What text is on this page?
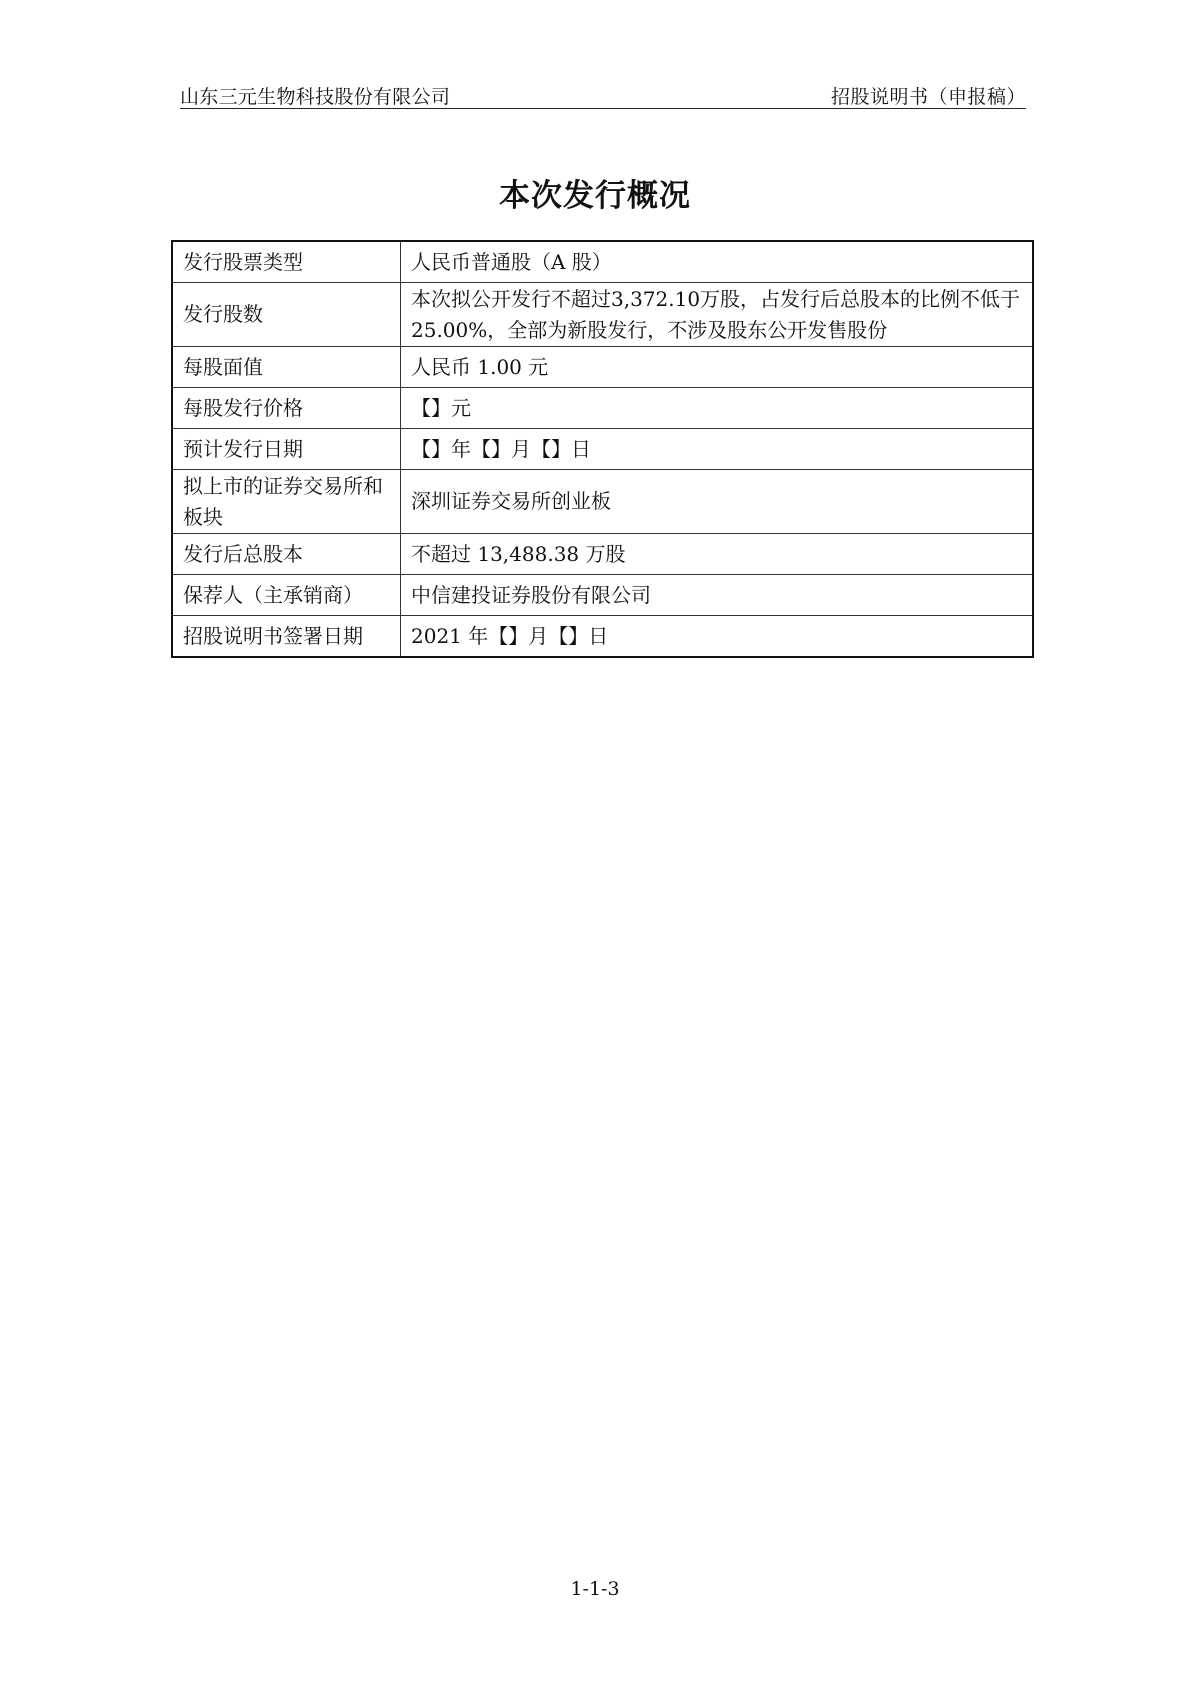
山东三元生物科技股份有限公司	招股说明书（申报稿）
本次发行概况
发行股票类型	人民币普通股（A 股）
发行股数	本次拟公开发行不超过3,372.10万股，占发行后总股本的比例不低于25.00%，全部为新股发行，不涉及股东公开发售股份
每股面值	人民币 1.00 元
每股发行价格	【】元
预计发行日期	【】年【】月【】日
拟上市的证券交易所和板块	深圳证券交易所创业板
发行后总股本	不超过 13,488.38 万股
保荐人（主承销商）	中信建投证券股份有限公司
招股说明书签署日期	2021 年【】月【】日
1-1-3
